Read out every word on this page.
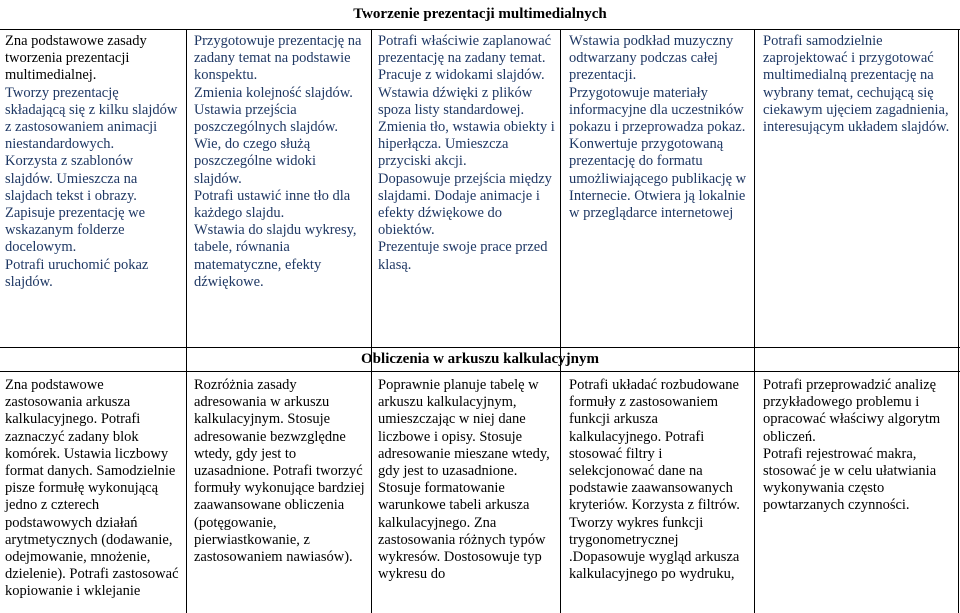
Tworzenie prezentacji multimedialnych

Zna podstawowe zasady tworzenia prezentacji multimedialnej.

Tworzy prezentację składającą się z kilku slajdów z zastosowaniem animacji niestandardowych.

Korzysta z szablonów slajdów. Umieszcza na slajdach tekst i obrazy.

Zapisuje prezentację we wskazanym folderze docelowym.

Potrafi uruchomić pokaz slajdów.

Przygotowuje prezentację na zadany temat na podstawie konspektu.

Zmienia kolejność slajdów.

Ustawia przejścia poszczególnych slajdów.

Wie, do czego służą poszczególne widoki slajdów.

Potrafi ustawić inne tło dla każdego slajdu.

Wstawia do slajdu wykresy, tabele, równania matematyczne, efekty dźwiękowe.

Potrafi właściwie zaplanować prezentację na zadany temat.

Pracuje z widokami slajdów.

Wstawia dźwięki z plików spoza listy standardowej.

Zmienia tło, wstawia obiekty i hiperłącza. Umieszcza przyciski akcji.

Dopasowuje przejścia między slajdami. Dodaje animacje i efekty dźwiękowe do obiektów.

Prezentuje swoje prace przed klasą.

Wstawia podkład muzyczny odtwarzany podczas całej prezentacji.

Przygotowuje materiały informacyjne dla uczestników pokazu i przeprowadza pokaz.

Konwertuje przygotowaną prezentację do formatu umożliwiającego publikację w Internecie. Otwiera ją lokalnie w przeglądarce internetowej

Potrafi samodzielnie zaprojektować i przygotować multimedialną prezentację na wybrany temat, cechującą się ciekawym ujęciem zagadnienia, interesującym układem slajdów.

Obliczenia w arkuszu kalkulacyjnym

Zna podstawowe zastosowania arkusza kalkulacyjnego. Potrafi zaznaczyć zadany blok komórek. Ustawia liczbowy format danych. Samodzielnie pisze formułę wykonującą jedno z czterech podstawowych działań arytmetycznych (dodawanie, odejmowanie, mnożenie, dzielenie). Potrafi zastosować kopiowanie i wklejanie

Rozróżnia zasady adresowania w arkuszu kalkulacyjnym. Stosuje adresowanie bezwzględne wtedy, gdy jest to uzasadnione. Potrafi tworzyć formuły wykonujące bardziej zaawansowane obliczenia (potęgowanie, pierwiastkowanie, z zastosowaniem nawiasów).

Poprawnie planuje tabelę w arkuszu kalkulacyjnym, umieszczając w niej dane liczbowe i opisy. Stosuje adresowanie mieszane wtedy, gdy jest to uzasadnione. Stosuje formatowanie warunkowe tabeli arkusza kalkulacyjnego. Zna zastosowania różnych typów wykresów. Dostosowuje typ wykresu do

Potrafi układać rozbudowane formuły z zastosowaniem funkcji arkusza kalkulacyjnego. Potrafi stosować filtry i selekcjonować dane na podstawie zaawansowanych kryteriów. Korzysta z filtrów. Tworzy wykres funkcji trygonometrycznej .Dopasowuje wygląd arkusza kalkulacyjnego po wydruku,

Potrafi przeprowadzić analizę przykładowego problemu i opracować właściwy algorytm obliczeń.

Potrafi rejestrować makra, stosować je w celu ułatwiania wykonywania często powtarzanych czynności.
